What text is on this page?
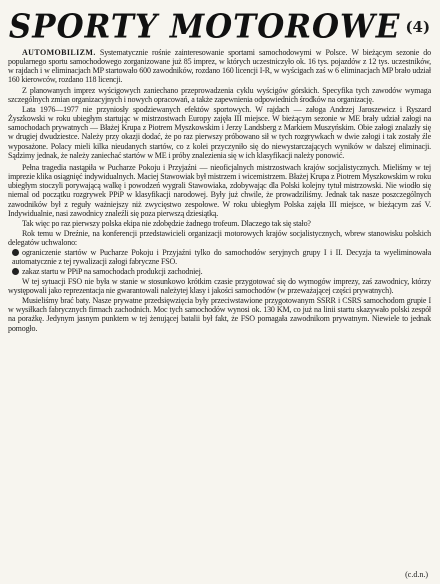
SPORTY MOTOROWE (4)

AUTOMOBILIZM. Systematycznie rośnie zainteresowanie sportami samochodowymi w Polsce. W bieżącym sezonie do popularnego sportu samochodowego zorganizowane już 85 imprez, w których uczestniczyło ok. 16 tys. pojazdów z 12 tys. uczestników, w rajdach i w eliminacjach MP startowało 600 zawodników, rozdano 160 licencji I-R, w wyścigach zaś w 6 eliminacjach MP brało udział 160 kierowców, rozdano 118 licencji.

Z planowanych imprez wyścigowych zaniechano przeprowadzenia cyklu wyścigów górskich. Specyfika tych zawodów wymaga szczególnych zmian organizacyjnych i nowych opracowań, a także zapewnienia odpowiednich środków na organizację.

Lata 1976—1977 nie przyniosły spodziewanych efektów sportowych. W rajdach — załoga Andrzej Jaroszewicz i Ryszard Żyszkowski w roku ubiegłym startując w mistrzostwach Europy zajęła III miejsce. W bieżącym sezonie w ME brały udział załogi na samochodach prywatnych — Błażej Krupa z Piotrem Myszkowskim i Jerzy Landsberg z Markiem Muszyńskim. Obie załogi znalazły się w drugiej dwudziestce. Należy przy okazji dodać, że po raz pierwszy próbowano sił w tych rozgrywkach w dwie załogi i tak zostały źle wyposażone. Polacy mieli kilka nieudanych startów, co z kolei przyczyniło się do niewystarczających wyników w dalszej eliminacji. Sądzimy jednak, że należy zaniechać startów w ME i próby znalezienia się w ich klasyfikacji należy ponowić.

Pełna tragedia nastąpiła w Pucharze Pokoju i Przyjaźni — nieoficjalnych mistrzostwach krajów socjalistycznych. Mieliśmy w tej imprezie klika osiągnięć indywidualnych. Maciej Stawowiak był mistrzem i wicemistrzem. Błażej Krupa z Piotrem Myszkowskim w roku ubiegłym stoczyli porywającą walkę i powodzeń wygrali Stawowiaka, zdobywając dla Polski kolejny tytuł mistrzowski. Nie wiodło się niemal od początku rozgrywek PPiP w klasyfikacji narodowej. Były już chwile, że prowadziliśmy. Jednak tak nasze poszczególnych zawodników był z reguły ważniejszy niż zwycięstwo zespołowe. W roku ubiegłym Polska zajęła III miejsce, w bieżącym zaś V. Indywidualnie, nasi zawodnicy znaleźli się poza pierwszą dziesiątką.

Tak więc po raz pierwszy polska ekipa nie zdobędzie żadnego trofeum. Dlaczego tak się stało?

Rok temu w Dreźnie, na konferencji przedstawicieli organizacji motorowych krajów socjalistycznych, wbrew stanowisku polskich delegatów uchwalono:

ograniczenie startów w Pucharze Pokoju i Przyjaźni tylko do samochodów seryjnych grupy I i II. Decyzja ta wyeliminowała automatycznie z tej rywalizacji załogi fabryczne FSO.

zakaz startu w PPiP na samochodach produkcji zachodniej.

W tej sytuacji FSO nie była w stanie w stosunkowo krótkim czasie przygotować się do wymogów imprezy, zaś zawodnicy, którzy występowali jako reprezentacja nie gwarantowali należytej klasy i jakości samochodów (w przeważającej części prywatnych).

Musieliśmy brać baty. Nasze prywatne przedsięwzięcia były przeciwstawione przygotowanym SSRR i CSRS samochodom grupie I w wysiłkach fabrycznych firmach zachodnich. Moc tych samochodów wynosi ok. 130 KM, co już na linii startu skazywało polski zespół na porażkę. Jedynym jasnym punktem w tej żenującej batalii był fakt, że FSO pomagała zawodnikom prywatnym. Niewiele to jednak pomogło.

(c.d.n.)
